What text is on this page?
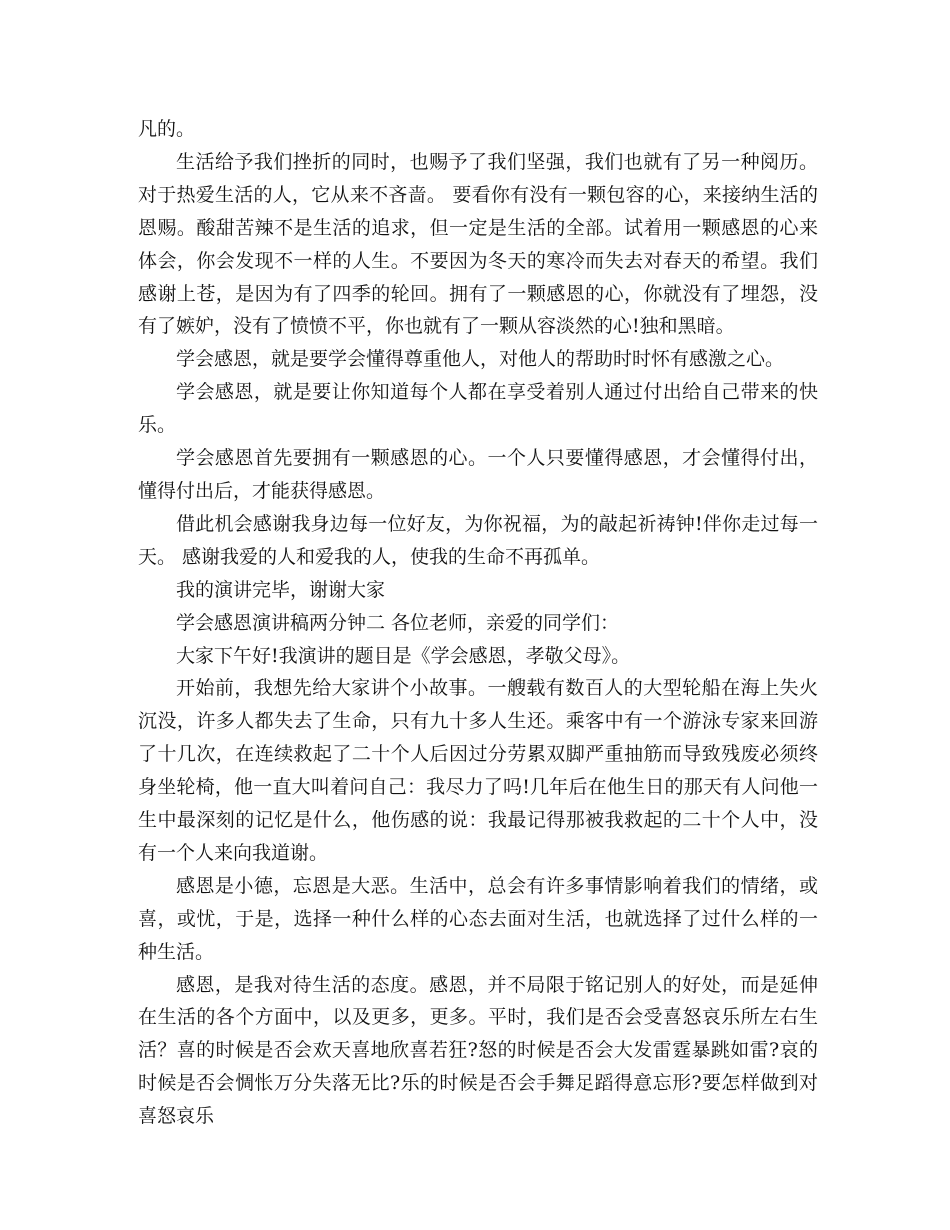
凡的。

生活给予我们挫折的同时，也赐予了我们坚强，我们也就有了另一种阅历。对于热爱生活的人，它从来不吝啬。 要看你有没有一颗包容的心，来接纳生活的恩赐。酸甜苦辣不是生活的追求，但一定是生活的全部。试着用一颗感恩的心来体会，你会发现不一样的人生。不要因为冬天的寒冷而失去对春天的希望。我们感谢上苍，是因为有了四季的轮回。拥有了一颗感恩的心，你就没有了埋怨，没有了嫉妒，没有了愤愤不平，你也就有了一颗从容淡然的心!独和黑暗。

学会感恩，就是要学会懂得尊重他人，对他人的帮助时时怀有感激之心。

学会感恩，就是要让你知道每个人都在享受着别人通过付出给自己带来的快乐。

学会感恩首先要拥有一颗感恩的心。一个人只要懂得感恩，才会懂得付出，懂得付出后，才能获得感恩。

借此机会感谢我身边每一位好友，为你祝福，为的敲起祈祷钟!伴你走过每一天。 感谢我爱的人和爱我的人，使我的生命不再孤单。

我的演讲完毕，谢谢大家

学会感恩演讲稿两分钟二 各位老师，亲爱的同学们：

大家下午好!我演讲的题目是《学会感恩，孝敬父母》。

开始前，我想先给大家讲个小故事。一艘载有数百人的大型轮船在海上失火沉没，许多人都失去了生命，只有九十多人生还。乘客中有一个游泳专家来回游了十几次，在连续救起了二十个人后因过分劳累双脚严重抽筋而导致残废必须终身坐轮椅，他一直大叫着问自己：我尽力了吗!几年后在他生日的那天有人问他一生中最深刻的记忆是什么，他伤感的说：我最记得那被我救起的二十个人中，没有一个人来向我道谢。

感恩是小德，忘恩是大恶。生活中，总会有许多事情影响着我们的情绪，或喜，或忧，于是，选择一种什么样的心态去面对生活，也就选择了过什么样的一种生活。

感恩，是我对待生活的态度。感恩，并不局限于铭记别人的好处，而是延伸在生活的各个方面中，以及更多，更多。平时，我们是否会受喜怒哀乐所左右生活？喜的时候是否会欢天喜地欣喜若狂?怒的时候是否会大发雷霆暴跳如雷?哀的时候是否会惆怅万分失落无比?乐的时候是否会手舞足蹈得意忘形?要怎样做到对喜怒哀乐
